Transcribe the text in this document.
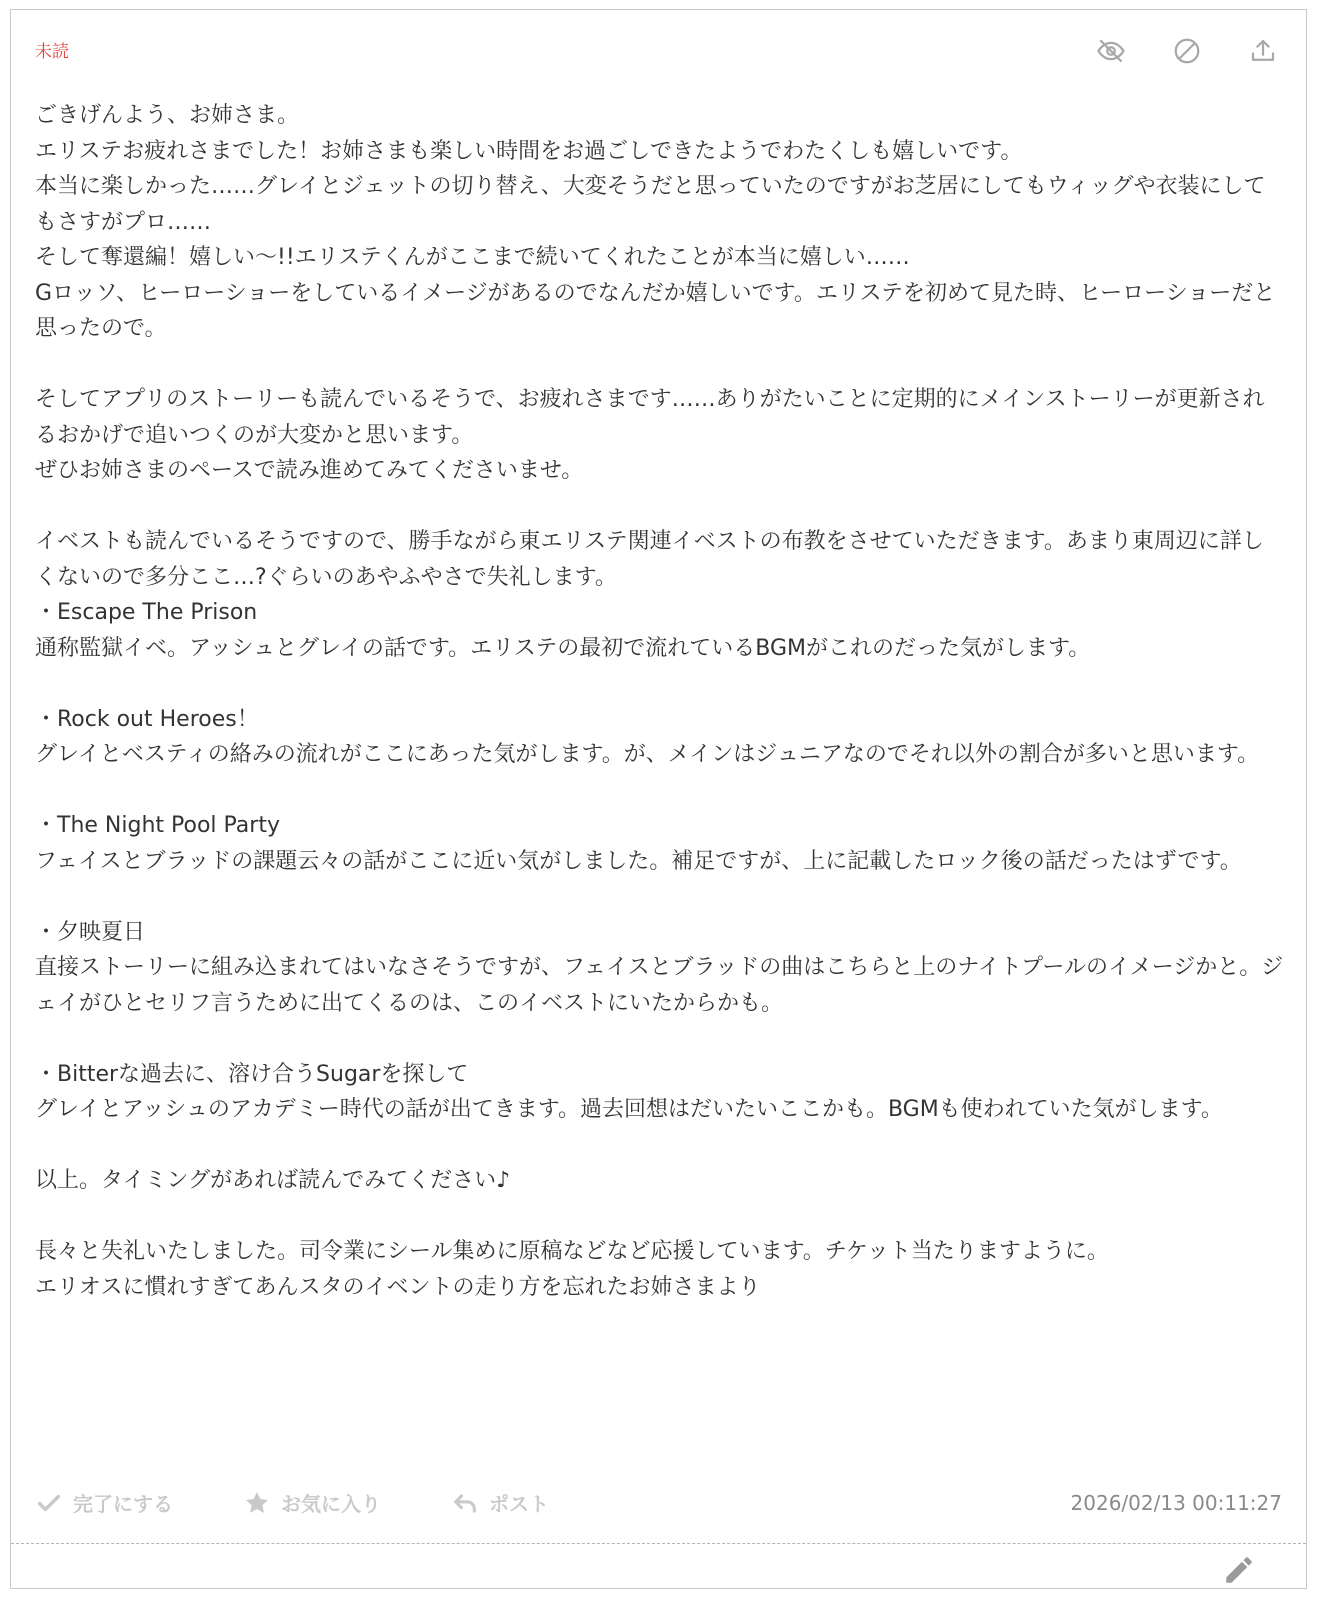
未読

ごきげんよう、お姉さま。
エリステお疲れさまでした！お姉さまも楽しい時間をお過ごしできたようでわたくしも嬉しいです。
本当に楽しかった……グレイとジェットの切り替え、大変そうだと思っていたのですがお芝居にしてもウィッグや衣装にしてもさすがプロ……
そして奪還編！嬉しい〜!!エリステくんがここまで続いてくれたことが本当に嬉しい……
Gロッソ、ヒーローショーをしているイメージがあるのでなんだか嬉しいです。エリステを初めて見た時、ヒーローショーだと思ったので。

そしてアプリのストーリーも読んでいるそうで、お疲れさまです……ありがたいことに定期的にメインストーリーが更新されるおかげで追いつくのが大変かと思います。
ぜひお姉さまのペースで読み進めてみてくださいませ。

イベストも読んでいるそうですので、勝手ながら東エリステ関連イベストの布教をさせていただきます。あまり東周辺に詳しくないので多分ここ…?ぐらいのあやふやさで失礼します。
・Escape The Prison
通称監獄イベ。アッシュとグレイの話です。エリステの最初で流れているBGMがこれのだった気がします。

・Rock out Heroes！
グレイとベスティの絡みの流れがここにあった気がします。が、メインはジュニアなのでそれ以外の割合が多いと思います。

・The Night Pool Party
フェイスとブラッドの課題云々の話がここに近い気がしました。補足ですが、上に記載したロック後の話だったはずです。

・夕映夏日
直接ストーリーに組み込まれてはいなさそうですが、フェイスとブラッドの曲はこちらと上のナイトプールのイメージかと。ジェイがひとセリフ言うために出てくるのは、このイベストにいたからかも。

・Bitterな過去に、溶け合うSugarを探して
グレイとアッシュのアカデミー時代の話が出てきます。過去回想はだいたいここかも。BGMも使われていた気がします。

以上。タイミングがあれば読んでみてください♪

長々と失礼いたしました。司令業にシール集めに原稿などなど応援しています。チケット当たりますように。
エリオスに慣れすぎてあんスタのイベントの走り方を忘れたお姉さまより

完了にする	お気に入り	ポスト	2026/02/13 00:11:27
